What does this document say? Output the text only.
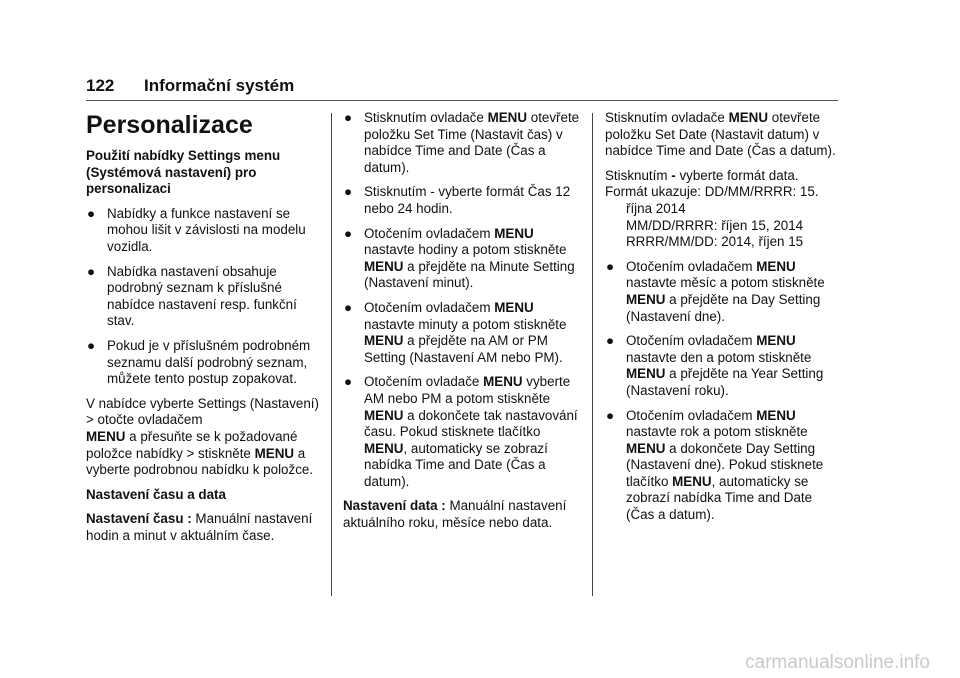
122 Informační systém
Personalizace

Použití nabídky Settings menu (Systémová nastavení) pro personalizaci

● Nabídky a funkce nastavení se mohou lišit v závislosti na modelu vozidla.
● Nabídka nastavení obsahuje podrobný seznam k příslušné nabídce nastavení resp. funkční stav.
● Pokud je v příslušném podrobném seznamu další podrobný seznam, můžete tento postup zopakovat.

V nabídce vyberte Settings (Nastavení) > otočte ovladačem
MENU a přesuňte se k požadované položce nabídky > stiskněte MENU a vyberte podrobnou nabídku k položce.

Nastavení času a data

Nastavení času : Manuální nastavení hodin a minut v aktuálním čase.

● Stisknutím ovladače MENU otevřete položku Set Time (Nastavit čas) v nabídce Time and Date (Čas a datum).
● Stisknutím - vyberte formát Čas 12 nebo 24 hodin.
● Otočením ovladačem MENU nastavte hodiny a potom stiskněte MENU a přejděte na Minute Setting (Nastavení minut).
● Otočením ovladačem MENU nastavte minuty a potom stiskněte MENU a přejděte na AM or PM Setting (Nastavení AM nebo PM).
● Otočením ovladače MENU vyberte AM nebo PM a potom stiskněte MENU a dokončete tak nastavování času. Pokud stisknete tlačítko MENU, automaticky se zobrazí nabídka Time and Date (Čas a datum).

Nastavení data : Manuální nastavení aktuálního roku, měsíce nebo data.

Stisknutím ovladače MENU otevřete položku Set Date (Nastavit datum) v nabídce Time and Date (Čas a datum).

Stisknutím - vyberte formát data. Formát ukazuje: DD/MM/RRRR: 15.
října 2014
MM/DD/RRRR: říjen 15, 2014
RRRR/MM/DD: 2014, říjen 15

● Otočením ovladačem MENU nastavte měsíc a potom stiskněte MENU a přejděte na Day Setting (Nastavení dne).
● Otočením ovladačem MENU nastavte den a potom stiskněte MENU a přejděte na Year Setting (Nastavení roku).
● Otočením ovladačem MENU nastavte rok a potom stiskněte MENU a dokončete Day Setting (Nastavení dne). Pokud stisknete tlačítko MENU, automaticky se zobrazí nabídka Time and Date (Čas a datum).
carmanualsonline.info
